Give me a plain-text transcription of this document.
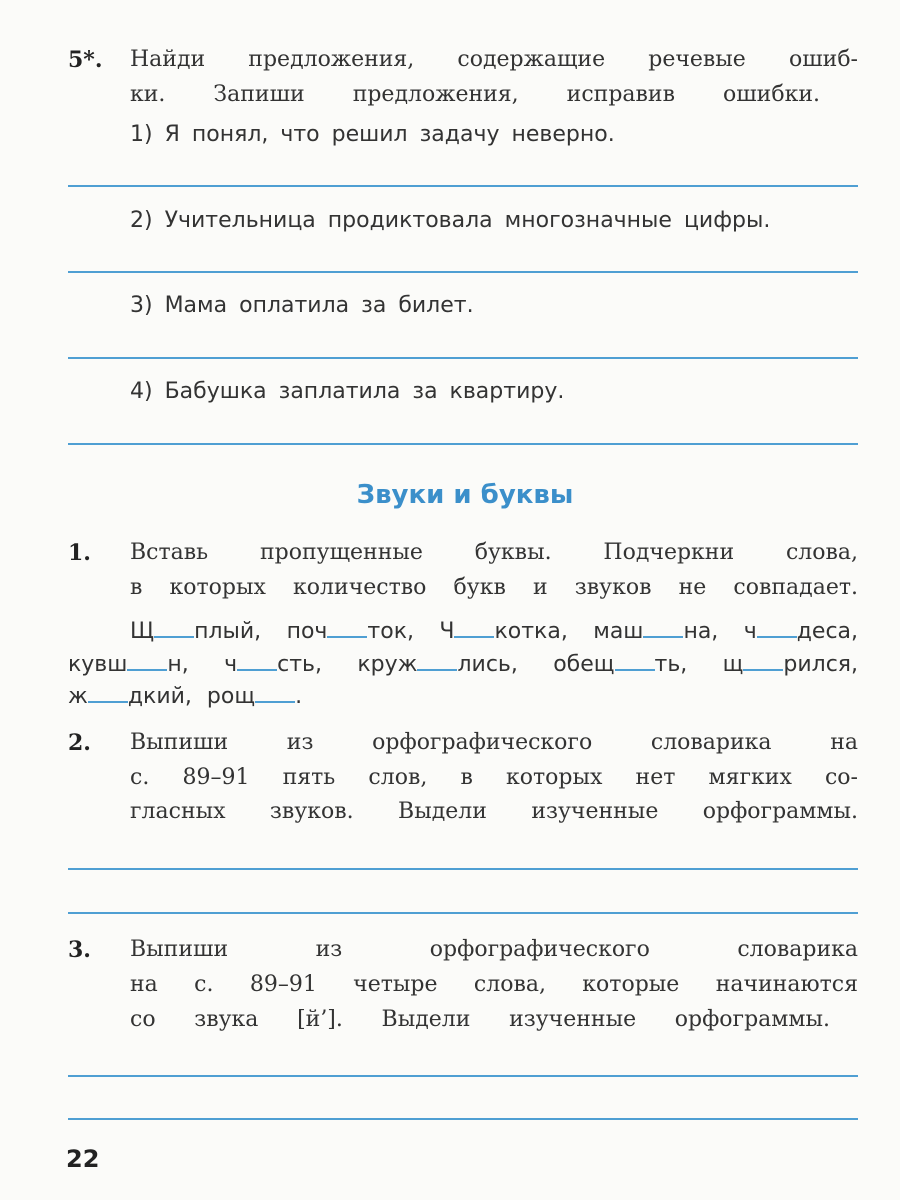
5*. Найди предложения, содержащие речевые ошиб-
ки. Запиши предложения, исправив ошибки.
1) Я понял, что решил задачу неверно.
2) Учительница продиктовала многозначные цифры.
3) Мама оплатила за билет.
4) Бабушка заплатила за квартиру.
Звуки и буквы
1. Вставь пропущенные буквы. Подчеркни слова,
в которых количество букв и звуков не совпадает.
Щ плый, поч ток, Ч котка, маш на, ч деса,
кувш н, ч сть, круж лись, обещ ть, щ рился,
ж дкий, рощ .
2. Выпиши из орфографического словарика на
с. 89–91 пять слов, в которых нет мягких со-
гласных звуков. Выдели изученные орфограммы.
3. Выпиши из орфографического словарика
на с. 89–91 четыре слова, которые начинаются
со звука [й’]. Выдели изученные орфограммы.
22
